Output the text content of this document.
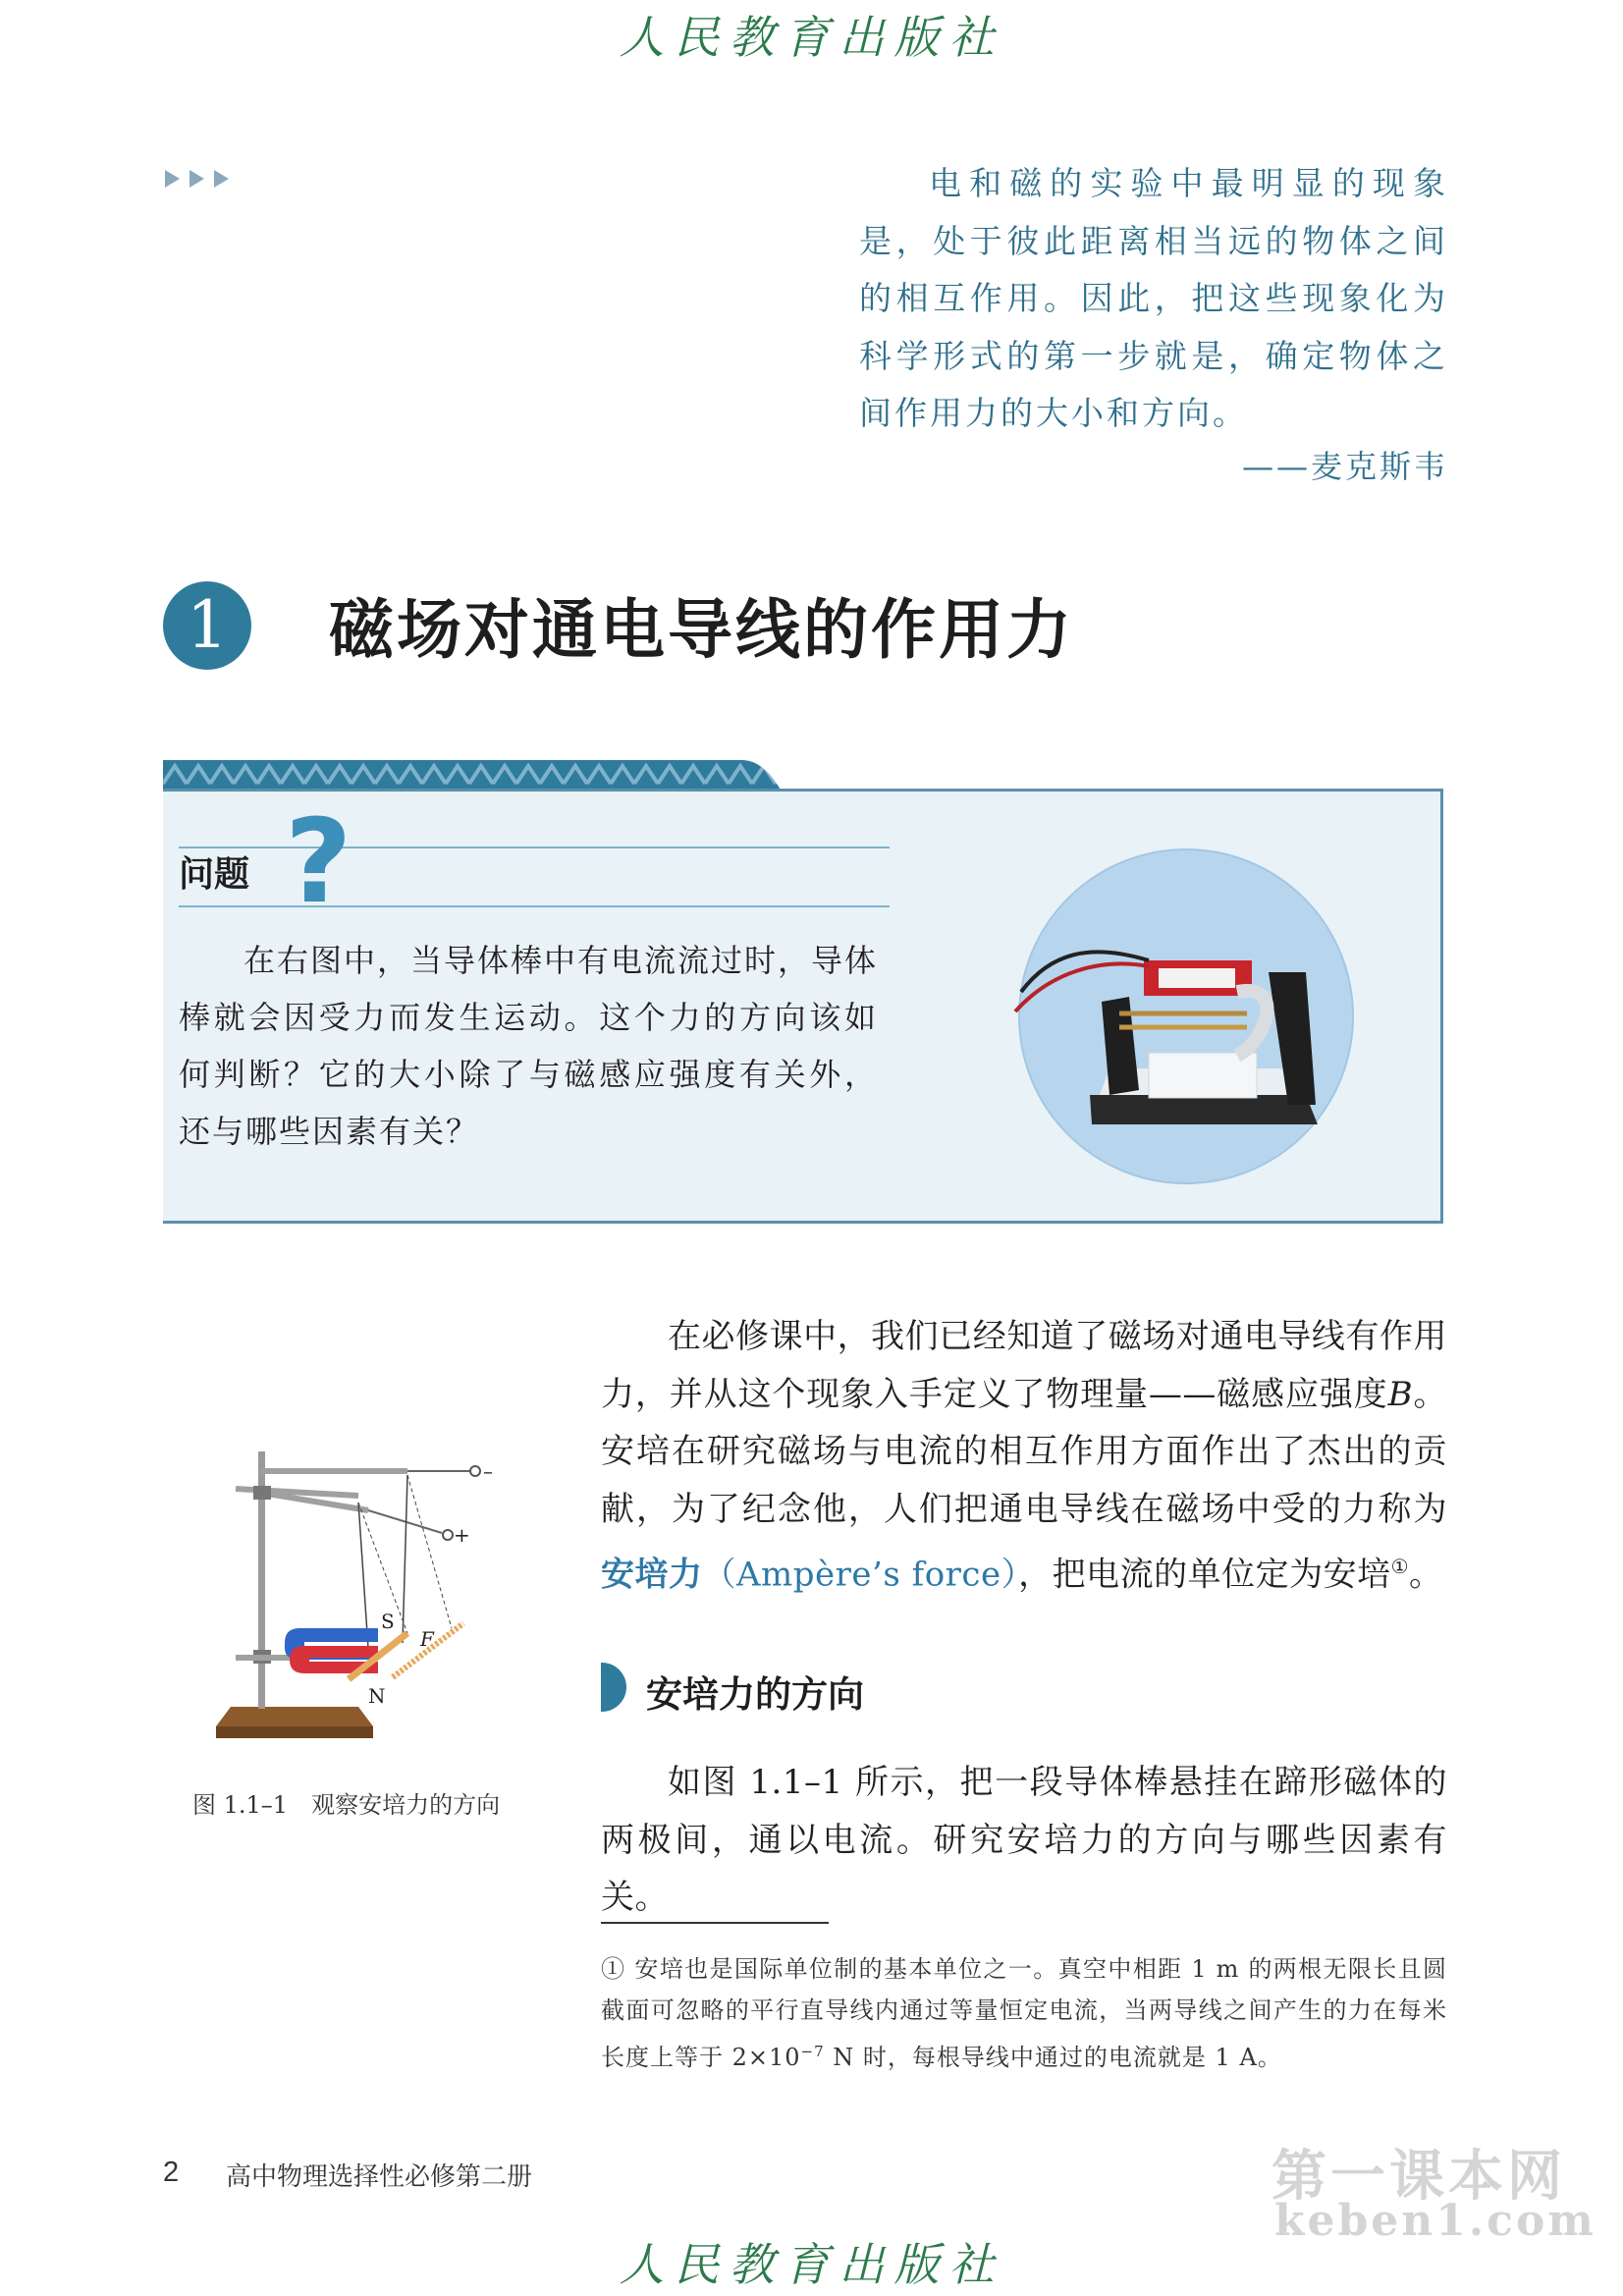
人民教育出版社
电和磁的实验中最明显的现象是，处于彼此距离相当远的物体之间的相互作用。因此，把这些现象化为科学形式的第一步就是，确定物体之间作用力的大小和方向。
——麦克斯韦
1	磁场对通电导线的作用力
问题 ?
在右图中，当导体棒中有电流流过时，导体棒就会因受力而发生运动。这个力的方向该如何判断？它的大小除了与磁感应强度有关外，还与哪些因素有关？
在必修课中，我们已经知道了磁场对通电导线有作用力，并从这个现象入手定义了物理量——磁感应强度B。安培在研究磁场与电流的相互作用方面作出了杰出的贡献，为了纪念他，人们把通电导线在磁场中受的力称为安培力（Ampère’s force），把电流的单位定为安培①。
–
+
S
N
F
图 1.1–1　观察安培力的方向
安培力的方向
如图 1.1–1 所示，把一段导体棒悬挂在蹄形磁体的两极间，通以电流。研究安培力的方向与哪些因素有关。
① 安培也是国际单位制的基本单位之一。真空中相距 1 m 的两根无限长且圆截面可忽略的平行直导线内通过等量恒定电流，当两导线之间产生的力在每米长度上等于 $2\times 10^{-7}$ N 时，每根导线中通过的电流就是 1 A。
2 高中物理选择性必修第二册	第一课本网
keben1.com
人民教育出版社
